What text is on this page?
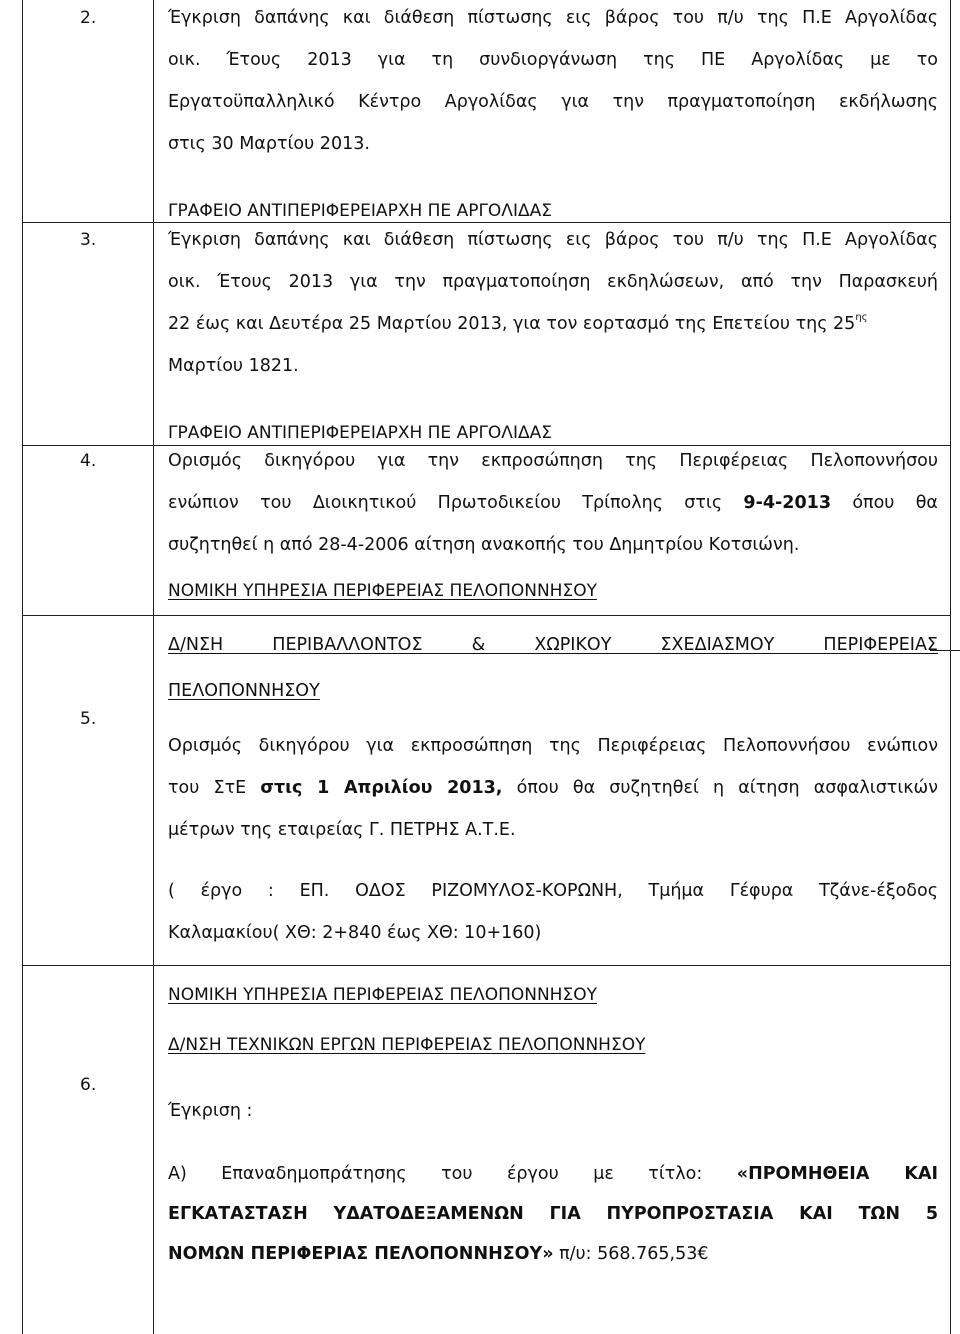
2.	Έγκριση δαπάνης και διάθεση πίστωσης εις βάρος του π/υ της Π.Ε Αργολίδας
οικ. Έτους 2013 για τη συνδιοργάνωση της ΠΕ Αργολίδας με το
Εργατοϋπαλληλικό Κέντρο Αργολίδας για την πραγματοποίηση εκδήλωσης
στις 30 Μαρτίου 2013.
ΓΡΑΦΕΙΟ ΑΝΤΙΠΕΡΙΦΕΡΕΙΑΡΧΗ ΠΕ ΑΡΓΟΛΙΔΑΣ
3.	Έγκριση δαπάνης και διάθεση πίστωσης εις βάρος του π/υ της Π.Ε Αργολίδας
οικ. Έτους 2013 για την πραγματοποίηση εκδηλώσεων, από την Παρασκευή
22 έως και Δευτέρα 25 Μαρτίου 2013, για τον εορτασμό της Επετείου της $25^{\eta\varsigma}$
Μαρτίου 1821.
ΓΡΑΦΕΙΟ ΑΝΤΙΠΕΡΙΦΕΡΕΙΑΡΧΗ ΠΕ ΑΡΓΟΛΙΔΑΣ
4.	Ορισμός δικηγόρου για την εκπροσώπηση της Περιφέρειας Πελοποννήσου
ενώπιον του Διοικητικού Πρωτοδικείου Τρίπολης στις 9-4-2013 όπου θα
συζητηθεί η από 28-4-2006 αίτηση ανακοπής του Δημητρίου Κοτσιώνη.
ΝΟΜΙΚΗ ΥΠΗΡΕΣΙΑ ΠΕΡΙΦΕΡΕΙΑΣ ΠΕΛΟΠΟΝΝΗΣΟΥ
5.
Δ/ΝΣΗ ΠΕΡΙΒΑΛΛΟΝΤΟΣ & ΧΩΡΙΚΟΥ ΣΧΕΔΙΑΣΜΟΥ ΠΕΡΙΦΕΡΕΙΑΣ
ΠΕΛΟΠΟΝΝΗΣΟΥ
Ορισμός δικηγόρου για εκπροσώπηση της Περιφέρειας Πελοποννήσου ενώπιον
του ΣτΕ στις 1 Απριλίου 2013, όπου θα συζητηθεί η αίτηση ασφαλιστικών
μέτρων της εταιρείας Γ. ΠΕΤΡΗΣ Α.Τ.Ε.
( έργο : ΕΠ. ΟΔΟΣ ΡΙΖΟΜΥΛΟΣ-ΚΟΡΩΝΗ, Τμήμα Γέφυρα Τζάνε-έξοδος
Καλαμακίου( ΧΘ: 2+840 έως ΧΘ: 10+160)
ΝΟΜΙΚΗ ΥΠΗΡΕΣΙΑ ΠΕΡΙΦΕΡΕΙΑΣ ΠΕΛΟΠΟΝΝΗΣΟΥ
6.
Δ/ΝΣΗ ΤΕΧΝΙΚΩΝ ΕΡΓΩΝ ΠΕΡΙΦΕΡΕΙΑΣ ΠΕΛΟΠΟΝΝΗΣΟΥ
Έγκριση :
Α) Επαναδημοπράτησης του έργου με τίτλο: «ΠΡΟΜΗΘΕΙΑ ΚΑΙ
ΕΓΚΑΤΑΣΤΑΣΗ ΥΔΑΤΟΔΕΞΑΜΕΝΩΝ ΓΙΑ ΠΥΡΟΠΡΟΣΤΑΣΙΑ ΚΑΙ ΤΩΝ 5
ΝΟΜΩΝ ΠΕΡΙΦΕΡΙΑΣ ΠΕΛΟΠΟΝΝΗΣΟΥ» π/υ: 568.765,53€
